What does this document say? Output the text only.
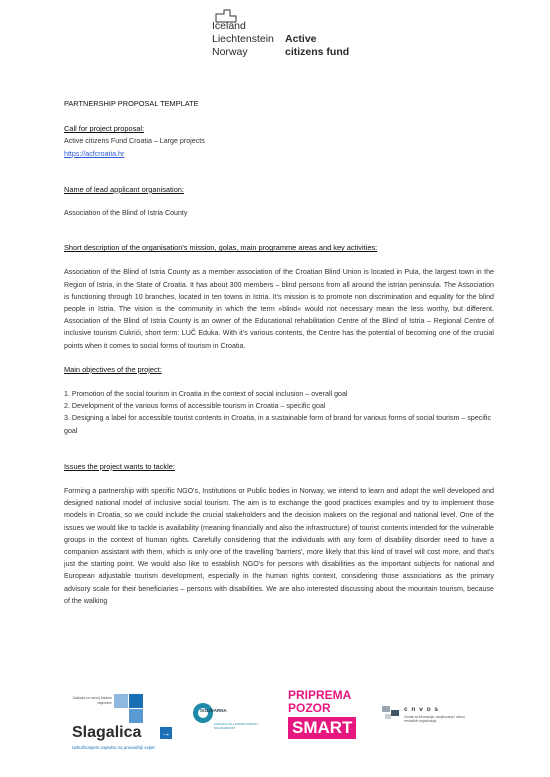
Iceland
Liechtenstein
Norway
Active
citizens fund

PARTNERSHIP PROPOSAL TEMPLATE

Call for project proposal:

Active citizens Fund Croatia – Large projects

https://acfcroatia.hr

Name of lead applicant organisation:

Association of the Blind of Istria County

Short description of the organisation's mission, golas, main programme areas and key activities:

Association of the Blind of Istria County as a member association of the Croatian Blind Union is located in Pula, the largest town in the Region of Istria, in the State of Croatia. It has about 300 members – blind persons from all around the istrian peninsula. The Association is functioning through 10 branches, located in ten towns in Istria. It's mission is to promote non discrimination and equality for the blind people in Istria. The vision is the community in which the term »blind« would not necessary mean the less worthy, but different. Association of the Blind of Istria County is an owner of the Educational rehabilitation Centre of the Blind of Istria – Regional Centre of inclusive tourism Cukrići, short term: LUČ Eduka. With it's various contents, the Centre has the potential of becoming one of the crucial points when it comes to social forms of tourism in Croatia.

Main objectives of the project:

1. Promotion of the social tourism in Croatia in the context of social inclusion – overall goal

2. Development of the various forms of accessible tourism in Croatia – specific goal

3. Designing a label for accessible tourist contents in Croatia, in a sustainable form of brand for various forms of social tourism – specific goal

Issues the project wants to tackle:

Forming a partnership with specific NGO's, Institutions or Public bodies in Norway, we intend to learn and adopt the well developed and designed national model of inclusive social tourism. The aim is to exchange the good practices examples and try to implement those models in Croatia, so we could include the crucial stakeholders and the decision makers on the regional and national level. One of the issues we would like to tackle is availability (meaning financially and also the infrastructure) of tourist contents intended for the vulnerable groups in the context of human rights. Carefully considering that the individuals with any form of disability disorder need to have a companion assistant with them, which is only one of the travelling 'barriers', more likely that this kind of travel will cost more, and that's just the starting point. We would also like to establish NGO's for persons with disabilities as the important subjects for national and European adjustable tourism development, especially in the human rights context, considering those associations as the primary advisory scale for their beneficiaries – persons with disabilities. We are also interested discussing about the mountain tourism, because of the walking

Zaklada za razvoj lokalne zajednice
Slagalica →
Udruživanjem zajedno za pravedniji svijet
SOLIDARNA
ZAKLADA ZA LJUDSKA PRAVA I SOLIDARNOST
PRIPREMA
POZOR
SMART
c n v o s
Centar za informacije, savjetovanje i razvoj nevladinih organizacija
